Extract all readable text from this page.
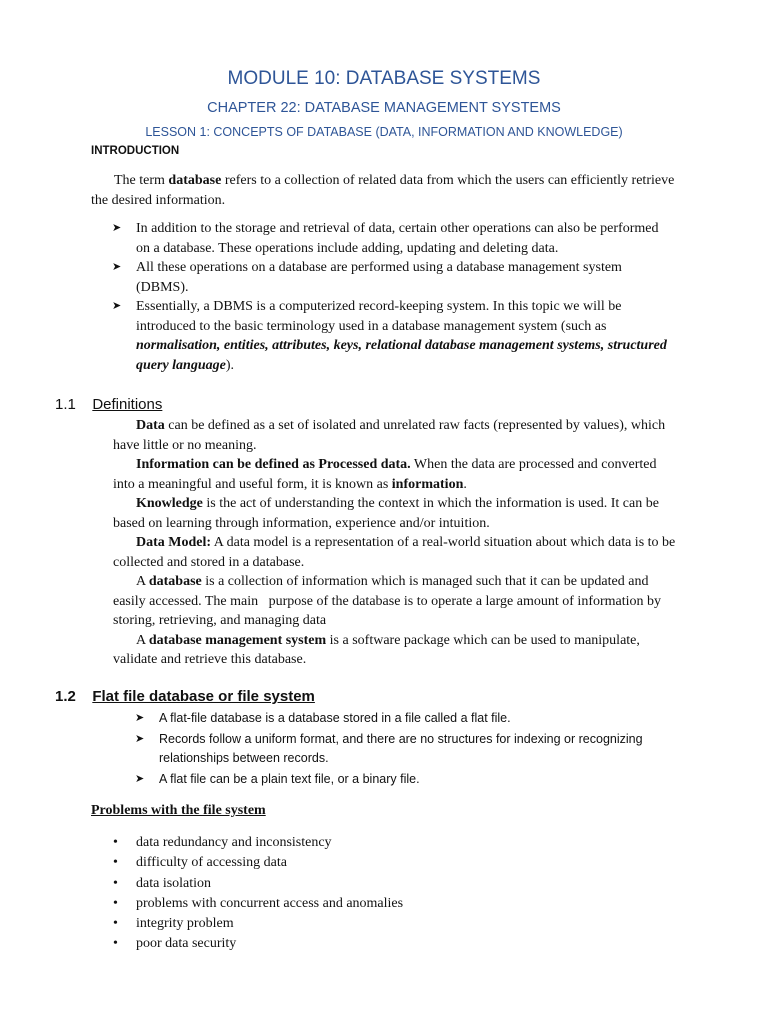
MODULE 10: DATABASE SYSTEMS
CHAPTER 22: DATABASE MANAGEMENT SYSTEMS
LESSON 1: CONCEPTS OF DATABASE (DATA, INFORMATION AND KNOWLEDGE)
INTRODUCTION
The term database refers to a collection of related data from which the users can efficiently retrieve the desired information.
➤ In addition to the storage and retrieval of data, certain other operations can also be performed on a database. These operations include adding, updating and deleting data.
➤ All these operations on a database are performed using a database management system (DBMS).
➤ Essentially, a DBMS is a computerized record-keeping system. In this topic we will be introduced to the basic terminology used in a database management system (such as normalisation, entities, attributes, keys, relational database management systems, structured query language).
1.1 Definitions

Data can be defined as a set of isolated and unrelated raw facts (represented by values), which have little or no meaning.

Information can be defined as Processed data. When the data are processed and converted into a meaningful and useful form, it is known as information.

Knowledge is the act of understanding the context in which the information is used. It can be based on learning through information, experience and/or intuition.

Data Model: A data model is a representation of a real-world situation about which data is to be collected and stored in a database.

A database is a collection of information which is managed such that it can be updated and easily accessed. The main   purpose of the database is to operate a large amount of information by storing, retrieving, and managing data

A database management system is a software package which can be used to manipulate, validate and retrieve this database.

1.2 Flat file database or file system
➤ A flat-file database is a database stored in a file called a flat file.
➤ Records follow a uniform format, and there are no structures for indexing or recognizing relationships between records.
➤ A flat file can be a plain text file, or a binary file.
Problems with the file system
• data redundancy and inconsistency
• difficulty of accessing data
• data isolation
• problems with concurrent access and anomalies
• integrity problem
• poor data security
